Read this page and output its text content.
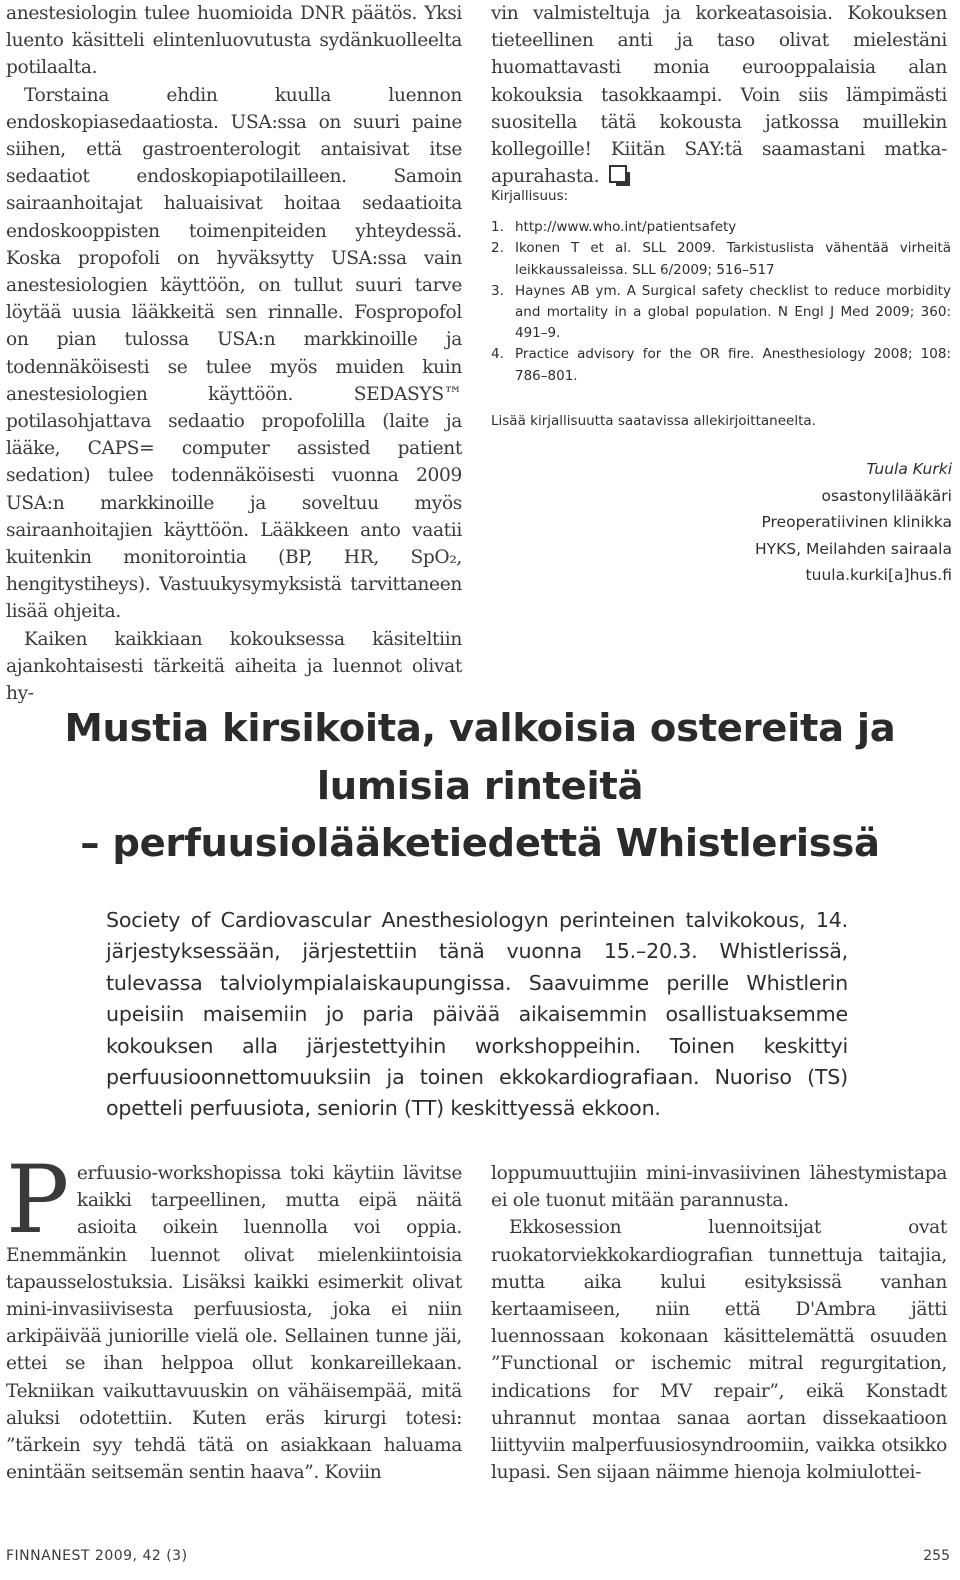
anestesiologin tulee huomioida DNR päätös. Yksi luento käsitteli elintenluovutusta sydänkuolleelta potilaalta.

Torstaina ehdin kuulla luennon endoskopiasedaatiosta. USA:ssa on suuri paine siihen, että gastroenterologit antaisivat itse sedaatiot endoskopiapotilailleen. Samoin sairaanhoitajat haluaisivat hoitaa sedaatioita endoskooppisten toimenpiteiden yhteydessä. Koska propofoli on hyväksytty USA:ssa vain anestesiologien käyttöön, on tullut suuri tarve löytää uusia lääkkeitä sen rinnalle. Fospropofol on pian tulossa USA:n markkinoille ja todennäköisesti se tulee myös muiden kuin anestesiologien käyttöön. SEDASYS™ potilasohjattava sedaatio propofolilla (laite ja lääke, CAPS= computer assisted patient sedation) tulee todennäköisesti vuonna 2009 USA:n markkinoille ja soveltuu myös sairaanhoitajien käyttöön. Lääkkeen anto vaatii kuitenkin monitorointia (BP, HR, SpO₂, hengitystiheys). Vastuukysymyksistä tarvittaneen lisää ohjeita.

Kaiken kaikkiaan kokouksessa käsiteltiin ajankohtaisesti tärkeitä aiheita ja luennot olivat hy-

vin valmisteltuja ja korkeatasoisia. Kokouksen tieteellinen anti ja taso olivat mielestäni huomattavasti monia eurooppalaisia alan kokouksia tasokkaampi. Voin siis lämpimästi suositella tätä kokousta jatkossa muillekin kollegoille! Kiitän SAY:tä saamastani matka-apurahasta.

Kirjallisuus:
1. http://www.who.int/patientsafety
2. Ikonen T et al. SLL 2009. Tarkistuslista vähentää virheitä leikkaussaleissa. SLL 6/2009; 516–517
3. Haynes AB ym. A Surgical safety checklist to reduce morbidity and mortality in a global population. N Engl J Med 2009; 360: 491–9.
4. Practice advisory for the OR fire. Anesthesiology 2008; 108: 786–801.
Lisää kirjallisuutta saatavissa allekirjoittaneelta.
Tuula Kurki
osastonylilääkäri
Preoperatiivinen klinikka
HYKS, Meilahden sairaala
tuula.kurki[a]hus.fi
Mustia kirsikoita, valkoisia ostereita ja
lumisia rinteitä
– perfuusiolääketiedettä Whistlerissä

Society of Cardiovascular Anesthesiologyn perinteinen talvikokous, 14. järjestyksessään, järjestettiin tänä vuonna 15.–20.3. Whistlerissä, tulevassa talviolympialaiskaupungissa. Saavuimme perille Whistlerin upeisiin maisemiin jo paria päivää aikaisemmin osallistuaksemme kokouksen alla järjestettyihin workshoppeihin. Toinen keskittyi perfuusioonnettomuuksiin ja toinen ekkokardiografiaan. Nuoriso (TS) opetteli perfuusiota, seniorin (TT) keskittyessä ekkoon.

Perfuusio-workshopissa toki käytiin lävitse kaikki tarpeellinen, mutta eipä näitä asioita oikein luennolla voi oppia. Enemmänkin luennot olivat mielenkiintoisia tapausselostuksia. Lisäksi kaikki esimerkit olivat mini-invasiivisesta perfuusiosta, joka ei niin arkipäivää juniorille vielä ole. Sellainen tunne jäi, ettei se ihan helppoa ollut konkareillekaan. Tekniikan vaikuttavuuskin on vähäisempää, mitä aluksi odotettiin. Kuten eräs kirurgi totesi: ”tärkein syy tehdä tätä on asiakkaan haluama enintään seitsemän sentin haava”. Koviin

loppumuuttujiin mini-invasiivinen lähestymistapa ei ole tuonut mitään parannusta.

Ekkosession luennoitsijat ovat ruokatorviekkokardiografian tunnettuja taitajia, mutta aika kului esityksissä vanhan kertaamiseen, niin että D'Ambra jätti luennossaan kokonaan käsittelemättä osuuden ”Functional or ischemic mitral regurgitation, indications for MV repair”, eikä Konstadt uhrannut montaa sanaa aortan dissekaatioon liittyviin malperfuusiosyndroomiin, vaikka otsikko lupasi. Sen sijaan näimme hienoja kolmiulottei-

FINNANEST 2009, 42 (3)	255
